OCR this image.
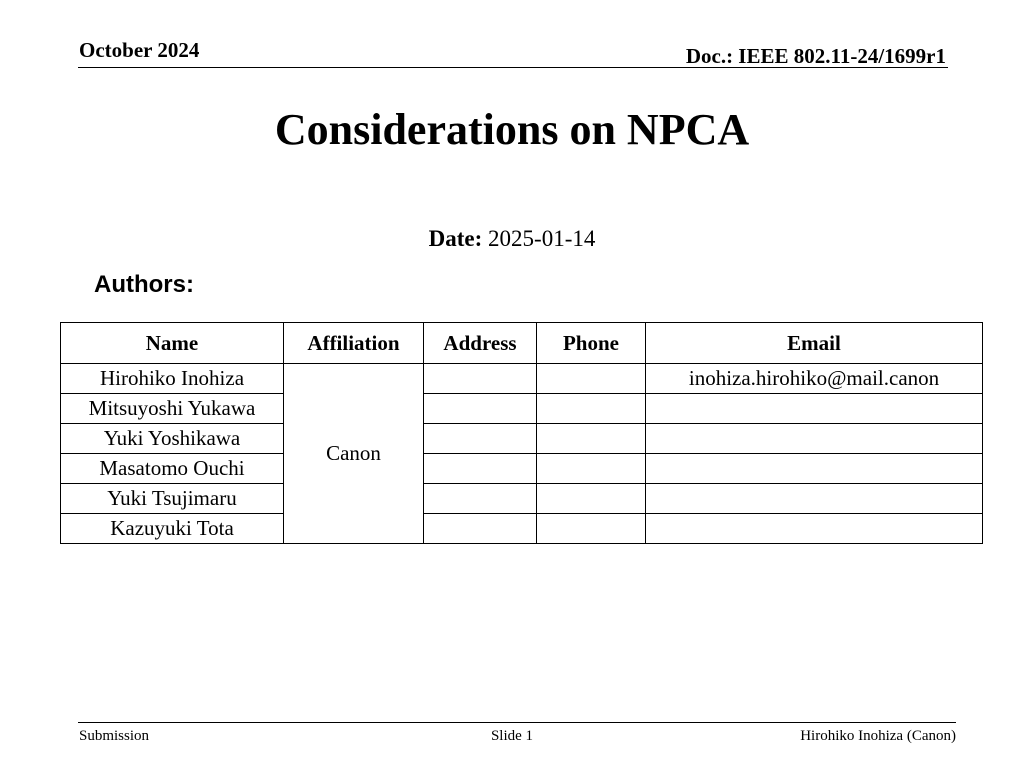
October 2024	Doc.: IEEE 802.11-24/1699r1
Considerations on NPCA
Date: 2025-01-14
Authors:
Name	Affiliation	Address	Phone	Email
Hirohiko Inohiza	Canon			inohiza.hirohiko@mail.canon
Mitsuyoshi Yukawa				
Yuki Yoshikawa				
Masatomo Ouchi				
Yuki Tsujimaru				
Kazuyuki Tota				
Submission	Slide 1	Hirohiko Inohiza (Canon)
